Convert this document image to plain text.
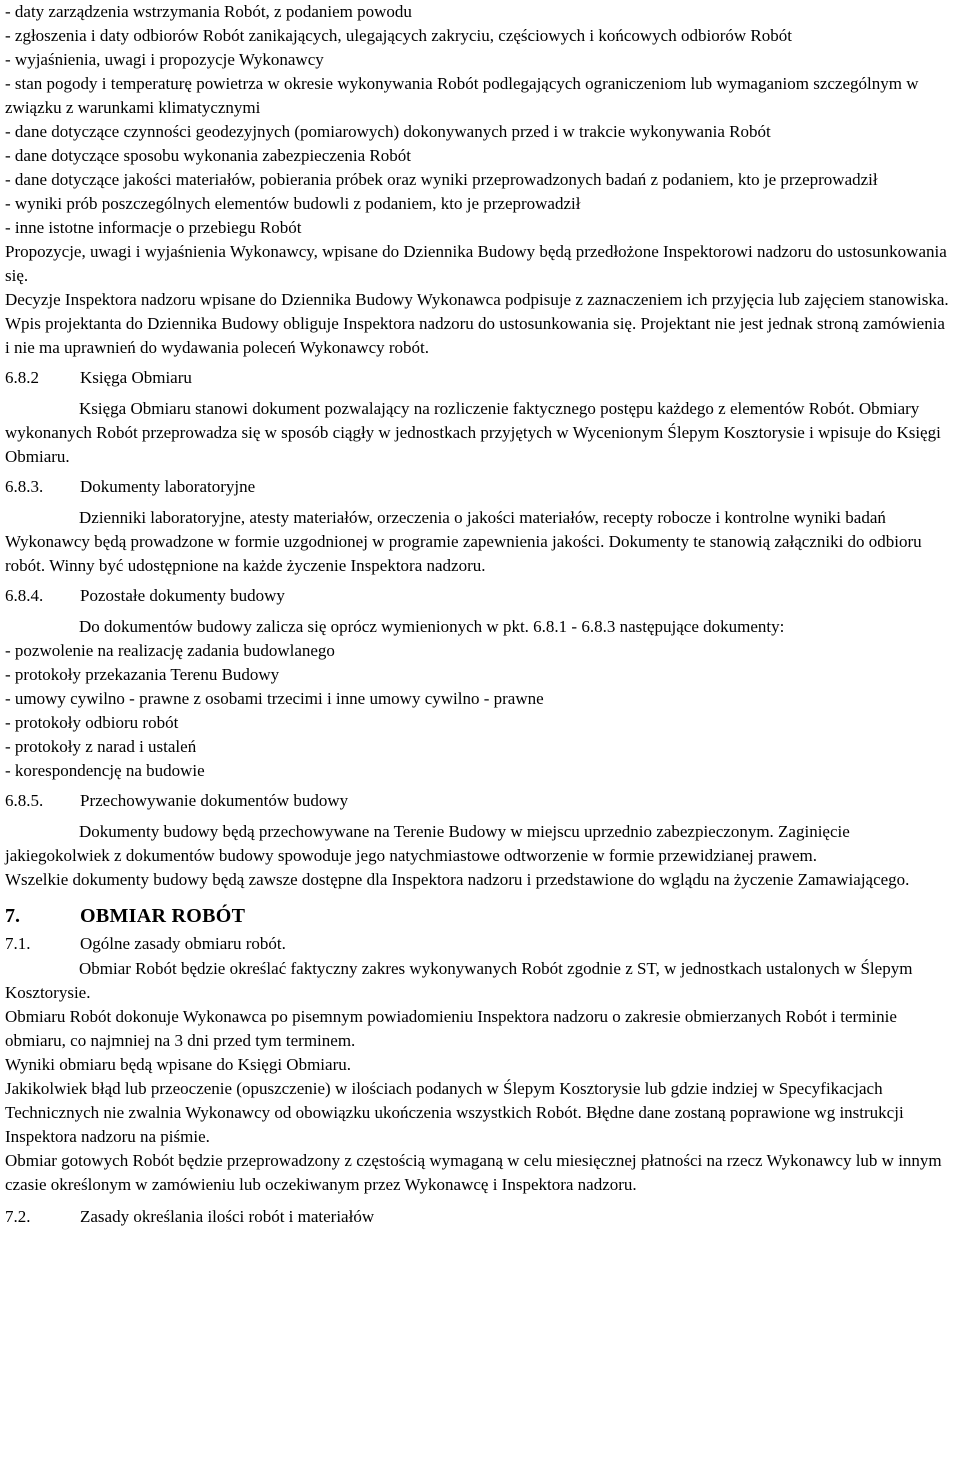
- daty zarządzenia wstrzymania Robót, z podaniem powodu

- zgłoszenia i daty odbiorów Robót zanikających, ulegających zakryciu, częściowych i końcowych odbiorów Robót

- wyjaśnienia, uwagi i propozycje Wykonawcy

- stan pogody i temperaturę powietrza w okresie wykonywania Robót podlegających ograniczeniom lub wymaganiom szczególnym w związku z warunkami klimatycznymi

- dane dotyczące czynności geodezyjnych (pomiarowych) dokonywanych przed i w trakcie wykonywania Robót

- dane dotyczące sposobu wykonania zabezpieczenia Robót

- dane dotyczące jakości materiałów, pobierania próbek oraz wyniki przeprowadzonych badań z podaniem, kto je przeprowadził

- wyniki prób poszczególnych elementów budowli z podaniem, kto je przeprowadził

- inne istotne informacje o przebiegu Robót

Propozycje, uwagi i wyjaśnienia Wykonawcy, wpisane do Dziennika Budowy będą przedłożone Inspektorowi nadzoru do ustosunkowania się.

Decyzje Inspektora nadzoru wpisane do Dziennika Budowy Wykonawca podpisuje z zaznaczeniem ich przyjęcia lub zajęciem stanowiska.

Wpis projektanta do Dziennika Budowy obliguje Inspektora nadzoru do ustosunkowania się. Projektant nie jest jednak stroną zamówienia i nie ma uprawnień do wydawania poleceń Wykonawcy robót.

6.8.2	Księga Obmiaru

Księga Obmiaru stanowi dokument pozwalający na rozliczenie faktycznego postępu każdego z elementów Robót. Obmiary wykonanych Robót przeprowadza się w sposób ciągły w jednostkach przyjętych w Wycenionym Ślepym Kosztorysie i wpisuje do Księgi Obmiaru.

6.8.3.	Dokumenty laboratoryjne

Dzienniki laboratoryjne, atesty materiałów, orzeczenia o jakości materiałów, recepty robocze i kontrolne wyniki badań Wykonawcy będą prowadzone w formie uzgodnionej w programie zapewnienia jakości. Dokumenty te stanowią załączniki do odbioru robót. Winny być udostępnione na każde życzenie Inspektora nadzoru.

6.8.4.	Pozostałe dokumenty budowy

Do dokumentów budowy zalicza się oprócz wymienionych w pkt. 6.8.1 - 6.8.3 następujące dokumenty:

- pozwolenie na realizację zadania budowlanego

- protokoły przekazania Terenu Budowy

- umowy cywilno - prawne z osobami trzecimi i inne umowy cywilno - prawne

- protokoły odbioru robót

- protokoły z narad i ustaleń

- korespondencję na budowie

6.8.5.	Przechowywanie dokumentów budowy

Dokumenty budowy będą przechowywane na Terenie Budowy w miejscu uprzednio zabezpieczonym. Zaginięcie jakiegokolwiek z dokumentów budowy spowoduje jego natychmiastowe odtworzenie w formie przewidzianej prawem.

Wszelkie dokumenty budowy będą zawsze dostępne dla Inspektora nadzoru i przedstawione do wglądu na życzenie Zamawiającego.

7.	OBMIAR ROBÓT
7.1.	Ogólne zasady obmiaru robót.

Obmiar Robót będzie określać faktyczny zakres wykonywanych Robót zgodnie z ST, w jednostkach ustalonych w Ślepym Kosztorysie.

Obmiaru Robót dokonuje Wykonawca po pisemnym powiadomieniu Inspektora nadzoru o zakresie obmierzanych Robót i terminie obmiaru, co najmniej na 3 dni przed tym terminem.

Wyniki obmiaru będą wpisane do Księgi Obmiaru.

Jakikolwiek błąd lub przeoczenie (opuszczenie) w ilościach podanych w Ślepym Kosztorysie lub gdzie indziej w Specyfikacjach Technicznych nie zwalnia Wykonawcy od obowiązku ukończenia wszystkich Robót. Błędne dane zostaną poprawione wg instrukcji Inspektora nadzoru na piśmie.

Obmiar gotowych Robót będzie przeprowadzony z częstością wymaganą w celu miesięcznej płatności na rzecz Wykonawcy lub w innym czasie określonym w zamówieniu lub oczekiwanym przez Wykonawcę i Inspektora nadzoru.

7.2.	Zasady określania ilości robót i materiałów
